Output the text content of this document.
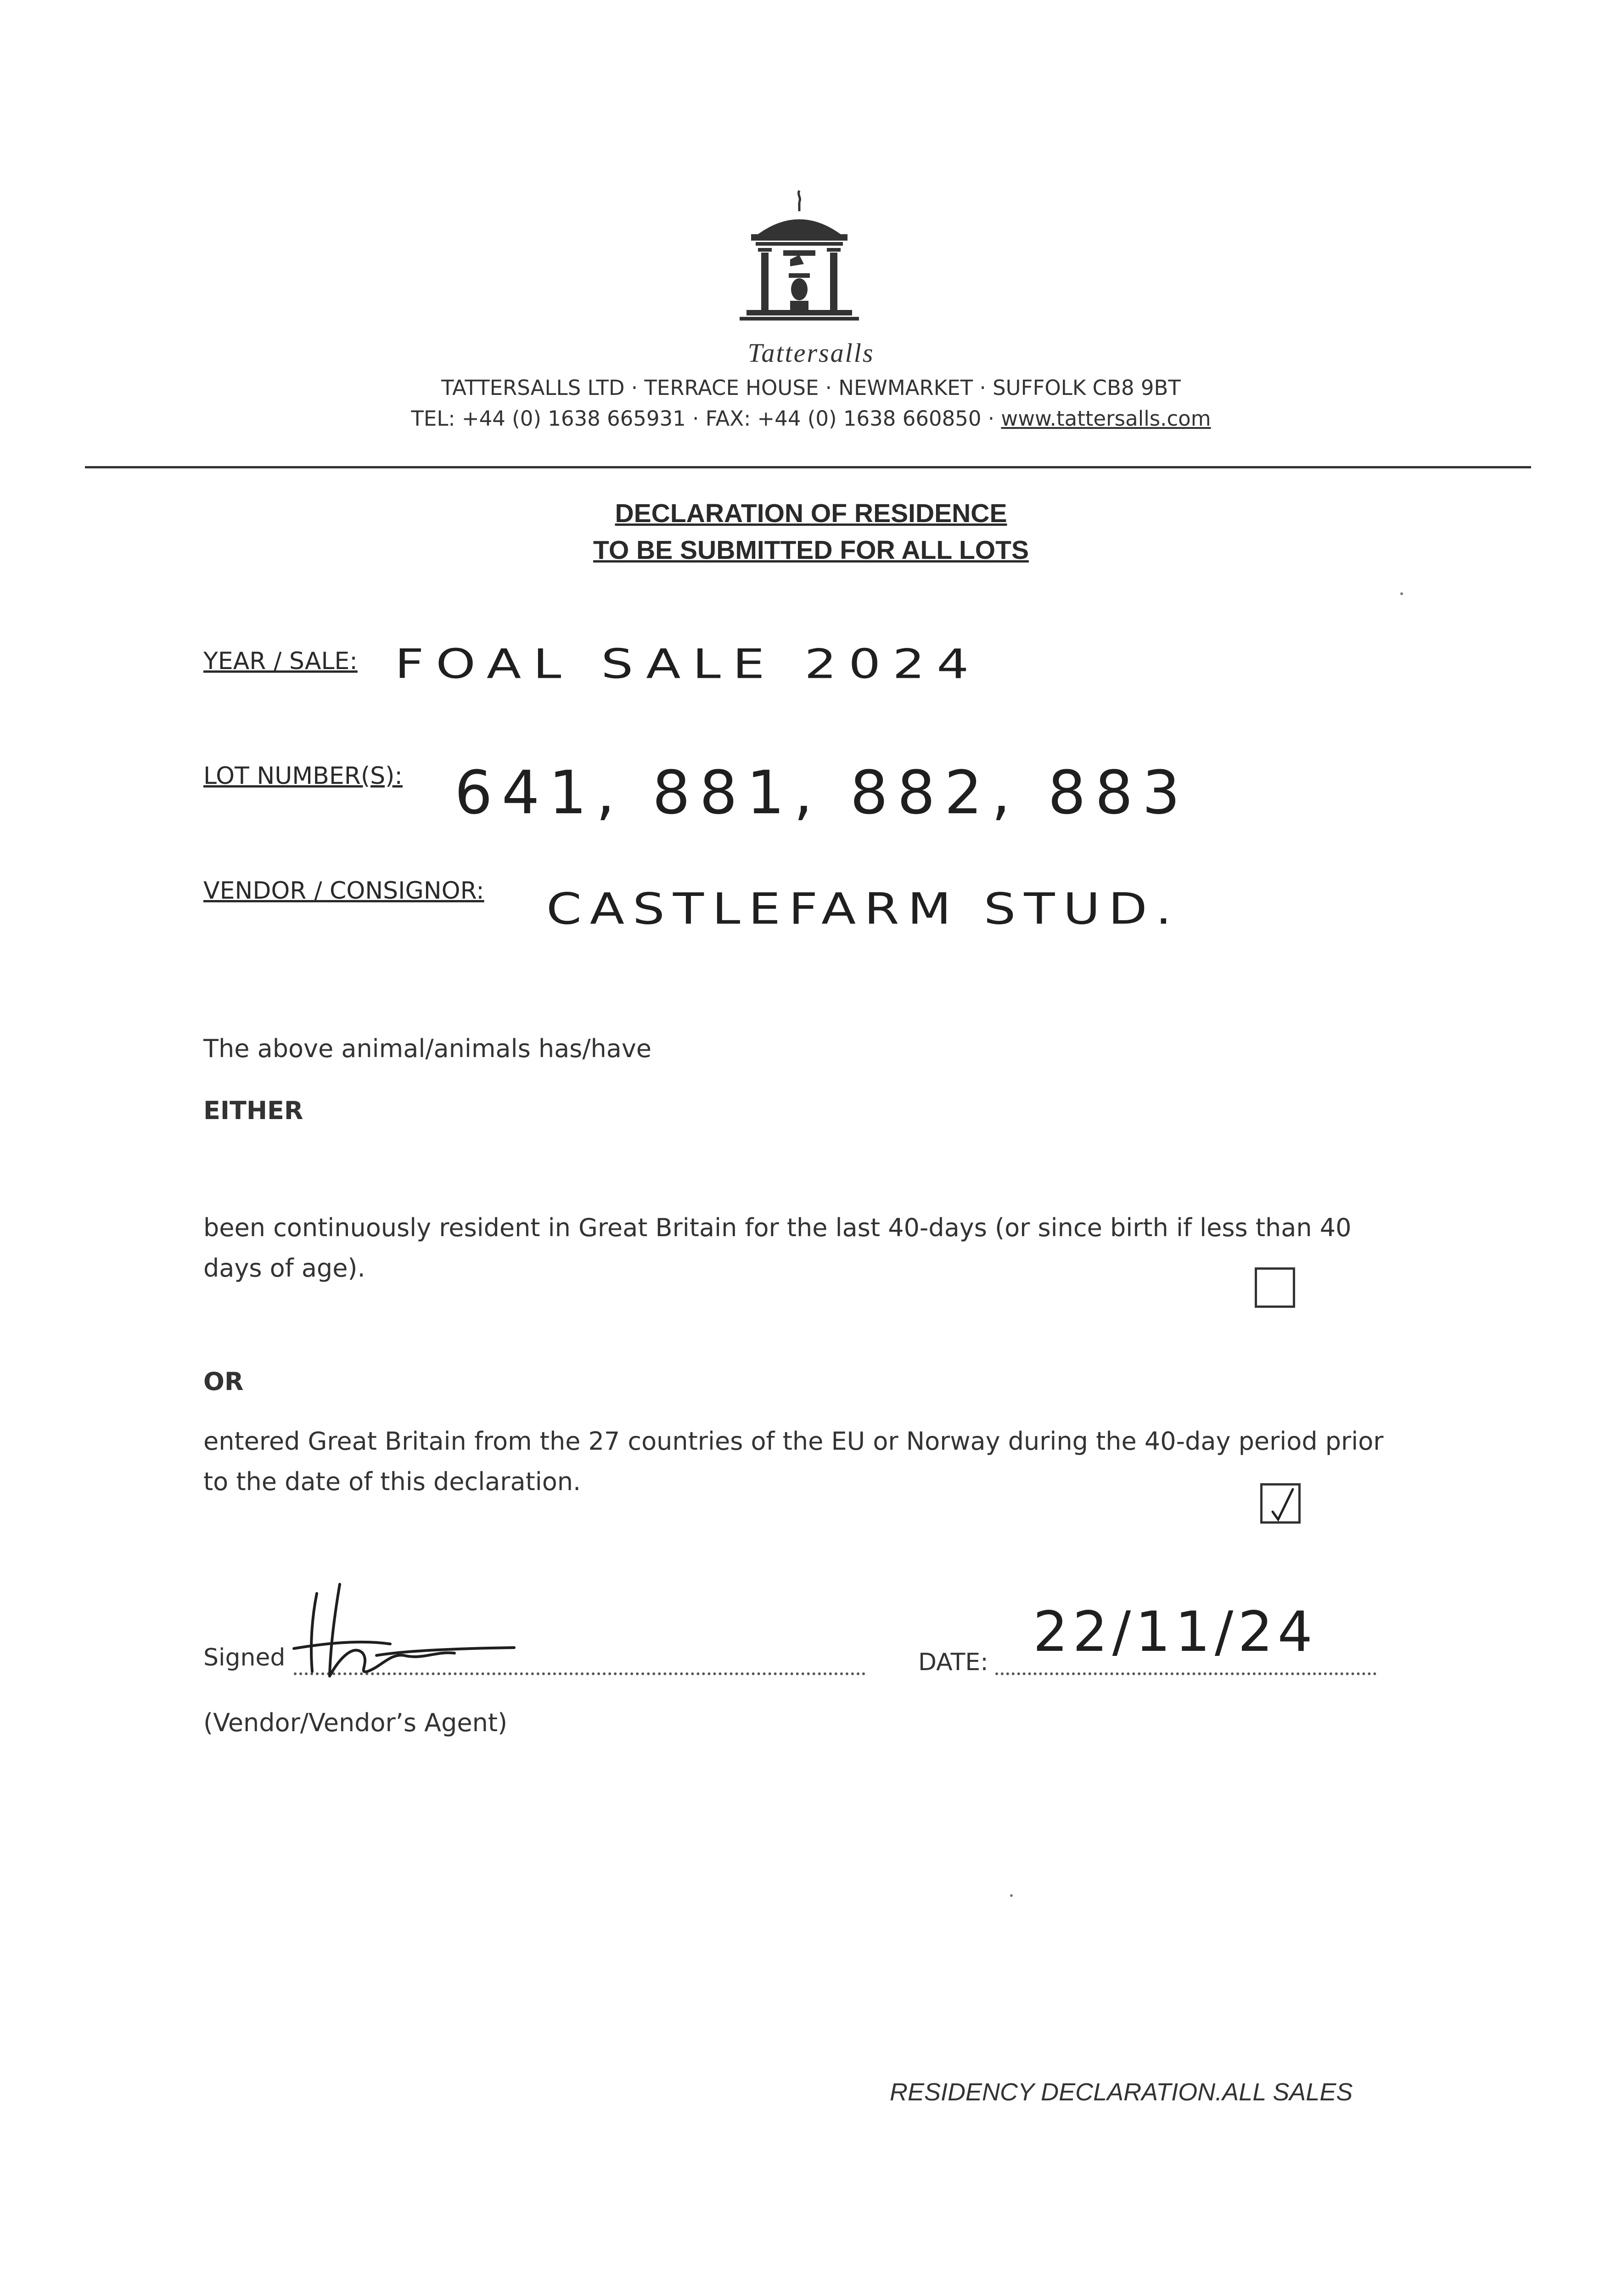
Tattersalls
TATTERSALLS LTD · TERRACE HOUSE · NEWMARKET · SUFFOLK CB8 9BT
TEL: +44 (0) 1638 665931 · FAX: +44 (0) 1638 660850 · www.tattersalls.com
DECLARATION OF RESIDENCE
TO BE SUBMITTED FOR ALL LOTS
YEAR / SALE: FOAL SALE 2024
LOT NUMBER(S): 641, 881, 882, 883
VENDOR / CONSIGNOR: CASTLEFARM STUD.
The above animal/animals has/have
EITHER
been continuously resident in Great Britain for the last 40-days (or since birth if less than 40 days of age).
OR
entered Great Britain from the 27 countries of the EU or Norway during the 40-day period prior to the date of this declaration.
Signed	DATE: 22/11/24
(Vendor/Vendor’s Agent)
RESIDENCY DECLARATION.ALL SALES
